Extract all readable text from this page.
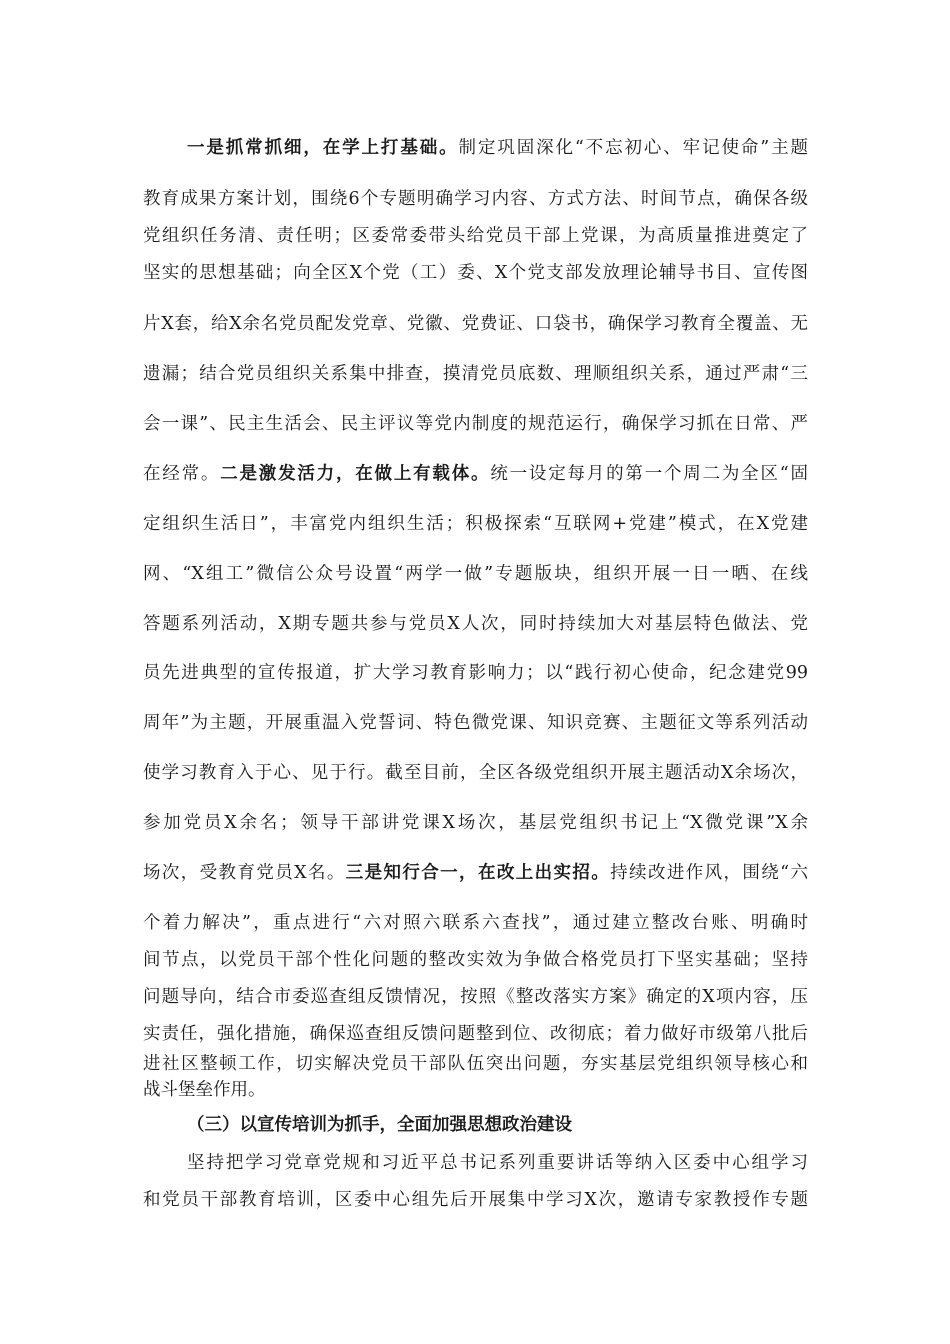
一是抓常抓细，在学上打基础。制定巩固深化“不忘初心、牢记使命”主题
教育成果方案计划，围绕6个专题明确学习内容、方式方法、时间节点，确保各级
党组织任务清、责任明；区委常委带头给党员干部上党课，为高质量推进奠定了
坚实的思想基础；向全区X个党（工）委、X个党支部发放理论辅导书目、宣传图
片X套，给X余名党员配发党章、党徽、党费证、口袋书，确保学习教育全覆盖、无
遗漏；结合党员组织关系集中排查，摸清党员底数、理顺组织关系，通过严肃“三
会一课”、民主生活会、民主评议等党内制度的规范运行，确保学习抓在日常、严
在经常。二是激发活力，在做上有载体。统一设定每月的第一个周二为全区“固
定组织生活日”，丰富党内组织生活；积极探索“互联网+党建”模式，在X党建
网、“X组工”微信公众号设置“两学一做”专题版块，组织开展一日一晒、在线
答题系列活动，X期专题共参与党员X人次，同时持续加大对基层特色做法、党
员先进典型的宣传报道，扩大学习教育影响力；以“践行初心使命，纪念建党99
周年”为主题，开展重温入党誓词、特色微党课、知识竞赛、主题征文等系列活动
使学习教育入于心、见于行。截至目前，全区各级党组织开展主题活动X余场次，
参加党员X余名；领导干部讲党课X场次，基层党组织书记上“X微党课”X余
场次，受教育党员X名。三是知行合一，在改上出实招。持续改进作风，围绕“六
个着力解决”，重点进行“六对照六联系六查找”，通过建立整改台账、明确时
间节点，以党员干部个性化问题的整改实效为争做合格党员打下坚实基础；坚持
问题导向，结合市委巡查组反馈情况，按照《整改落实方案》确定的X项内容，压
实责任，强化措施，确保巡查组反馈问题整到位、改彻底；着力做好市级第八批后
进社区整顿工作，切实解决党员干部队伍突出问题，夯实基层党组织领导核心和
战斗堡垒作用。
（三）以宣传培训为抓手，全面加强思想政治建设
坚持把学习党章党规和习近平总书记系列重要讲话等纳入区委中心组学习
和党员干部教育培训，区委中心组先后开展集中学习X次，邀请专家教授作专题
